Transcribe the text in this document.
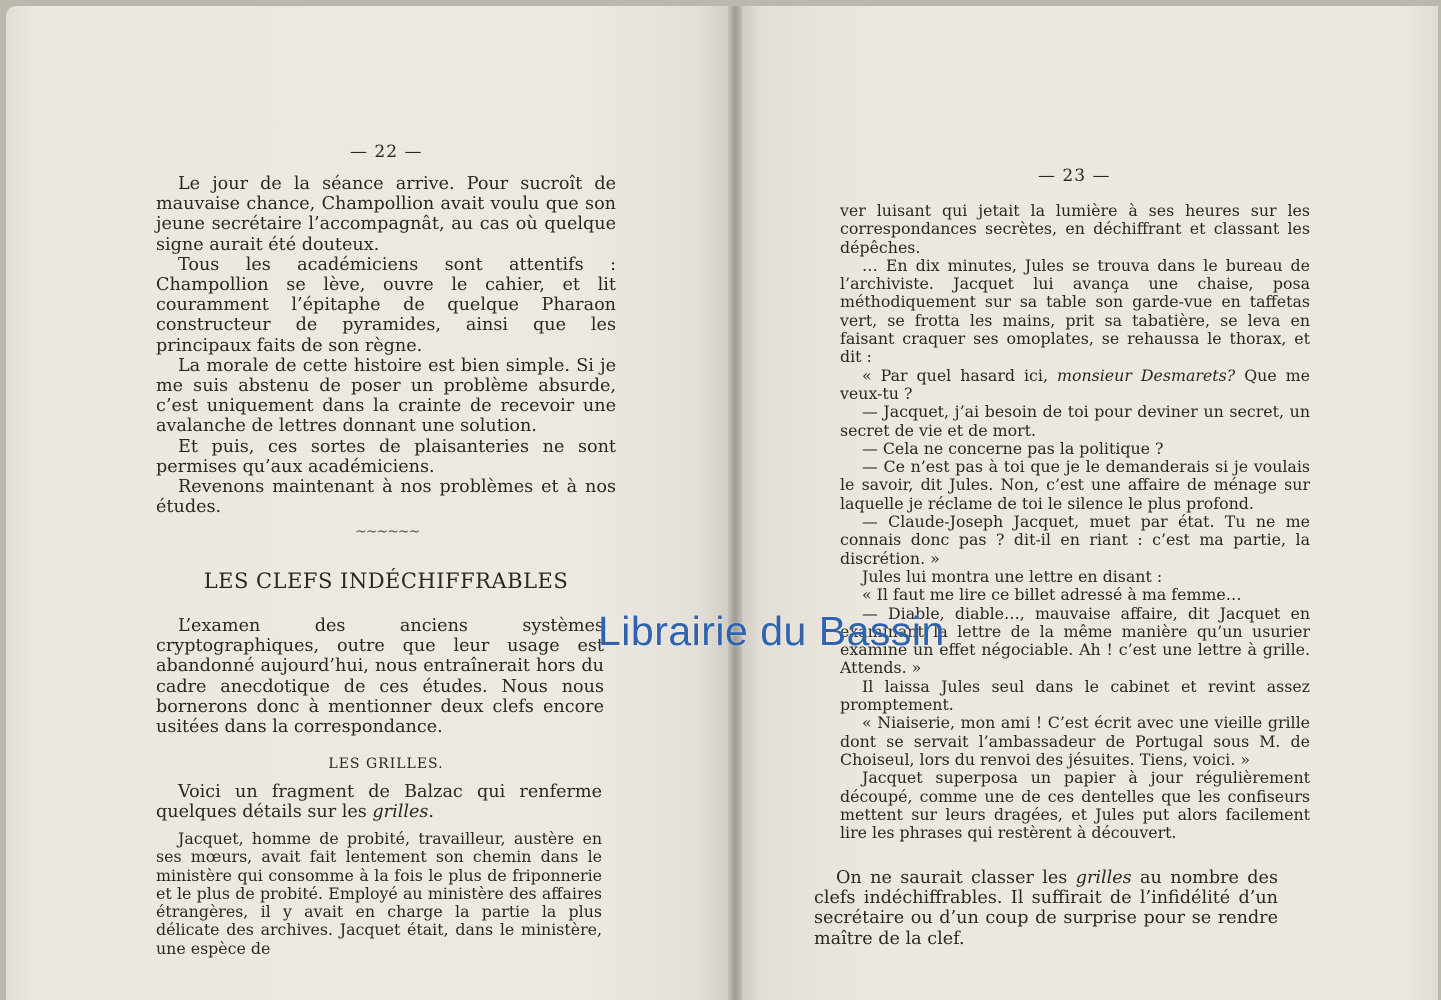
— 22 —

Le jour de la séance arrive. Pour sucroît de mauvaise chance, Champollion avait voulu que son jeune secrétaire l’accompagnât, au cas où quelque signe aurait été douteux.

Tous les académiciens sont attentifs : Champollion se lève, ouvre le cahier, et lit couramment l’épitaphe de quelque Pharaon constructeur de pyramides, ainsi que les principaux faits de son règne.

La morale de cette histoire est bien simple. Si je me suis abstenu de poser un problème absurde, c’est uniquement dans la crainte de recevoir une avalanche de lettres donnant une solution.

Et puis, ces sortes de plaisanteries ne sont permises qu’aux académiciens.

Revenons maintenant à nos problèmes et à nos études.

~~~~~~
LES CLEFS INDÉCHIFFRABLES

L’examen des anciens systèmes cryptographiques, outre que leur usage est abandonné aujourd’hui, nous entraînerait hors du cadre anecdotique de ces études. Nous nous bornerons donc à mentionner deux clefs encore usitées dans la correspondance.

LES GRILLES.

Voici un fragment de Balzac qui renferme quelques détails sur les grilles.

Jacquet, homme de probité, travailleur, austère en ses mœurs, avait fait lentement son chemin dans le ministère qui consomme à la fois le plus de friponnerie et le plus de probité. Employé au ministère des affaires étrangères, il y avait en charge la partie la plus délicate des archives. Jacquet était, dans le ministère, une espèce de

— 23 —

ver luisant qui jetait la lumière à ses heures sur les correspondances secrètes, en déchiffrant et classant les dépêches.

… En dix minutes, Jules se trouva dans le bureau de l’archiviste. Jacquet lui avança une chaise, posa méthodiquement sur sa table son garde-vue en taffetas vert, se frotta les mains, prit sa tabatière, se leva en faisant craquer ses omoplates, se rehaussa le thorax, et dit :

« Par quel hasard ici, monsieur Desmarets? Que me veux-tu ?

— Jacquet, j’ai besoin de toi pour deviner un secret, un secret de vie et de mort.

— Cela ne concerne pas la politique ?

— Ce n’est pas à toi que je le demanderais si je voulais le savoir, dit Jules. Non, c’est une affaire de ménage sur laquelle je réclame de toi le silence le plus profond.

— Claude-Joseph Jacquet, muet par état. Tu ne me connais donc pas ? dit-il en riant : c’est ma partie, la discrétion. »

Jules lui montra une lettre en disant :

« Il faut me lire ce billet adressé à ma femme…

— Diable, diable…, mauvaise affaire, dit Jacquet en examinant la lettre de la même manière qu’un usurier examine un effet négociable. Ah ! c’est une lettre à grille. Attends. »

Il laissa Jules seul dans le cabinet et revint assez promptement.

« Niaiserie, mon ami ! C’est écrit avec une vieille grille dont se servait l’ambassadeur de Portugal sous M. de Choiseul, lors du renvoi des jésuites. Tiens, voici. »

Jacquet superposa un papier à jour régulièrement découpé, comme une de ces dentelles que les confiseurs mettent sur leurs dragées, et Jules put alors facilement lire les phrases qui restèrent à découvert.

On ne saurait classer les grilles au nombre des clefs indéchiffrables. Il suffirait de l’infidélité d’un secrétaire ou d’un coup de surprise pour se rendre maître de la clef.

Librairie du Bassin
